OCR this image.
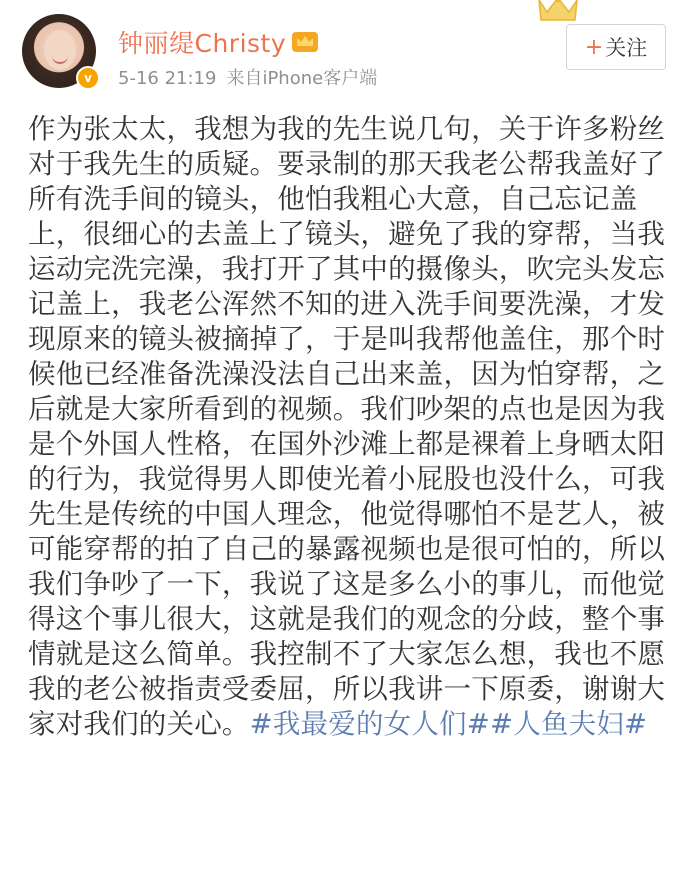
v
钟丽缇Christy
5-16 21:19 来自iPhone客户端
+ 关注
作为张太太，我想为我的先生说几句，关于许多粉丝对于我先生的质疑。要录制的那天我老公帮我盖好了所有洗手间的镜头，他怕我粗心大意，自己忘记盖上，很细心的去盖上了镜头，避免了我的穿帮，当我运动完洗完澡，我打开了其中的摄像头，吹完头发忘记盖上，我老公浑然不知的进入洗手间要洗澡，才发现原来的镜头被摘掉了，于是叫我帮他盖住，那个时候他已经准备洗澡没法自己出来盖，因为怕穿帮，之后就是大家所看到的视频。我们吵架的点也是因为我是个外国人性格，在国外沙滩上都是裸着上身晒太阳的行为，我觉得男人即使光着小屁股也没什么，可我先生是传统的中国人理念，他觉得哪怕不是艺人，被可能穿帮的拍了自己的暴露视频也是很可怕的，所以我们争吵了一下，我说了这是多么小的事儿，而他觉得这个事儿很大，这就是我们的观念的分歧，整个事情就是这么简单。我控制不了大家怎么想，我也不愿我的老公被指责受委屈，所以我讲一下原委，谢谢大家对我们的关心。#我最爱的女人们##人鱼夫妇#
